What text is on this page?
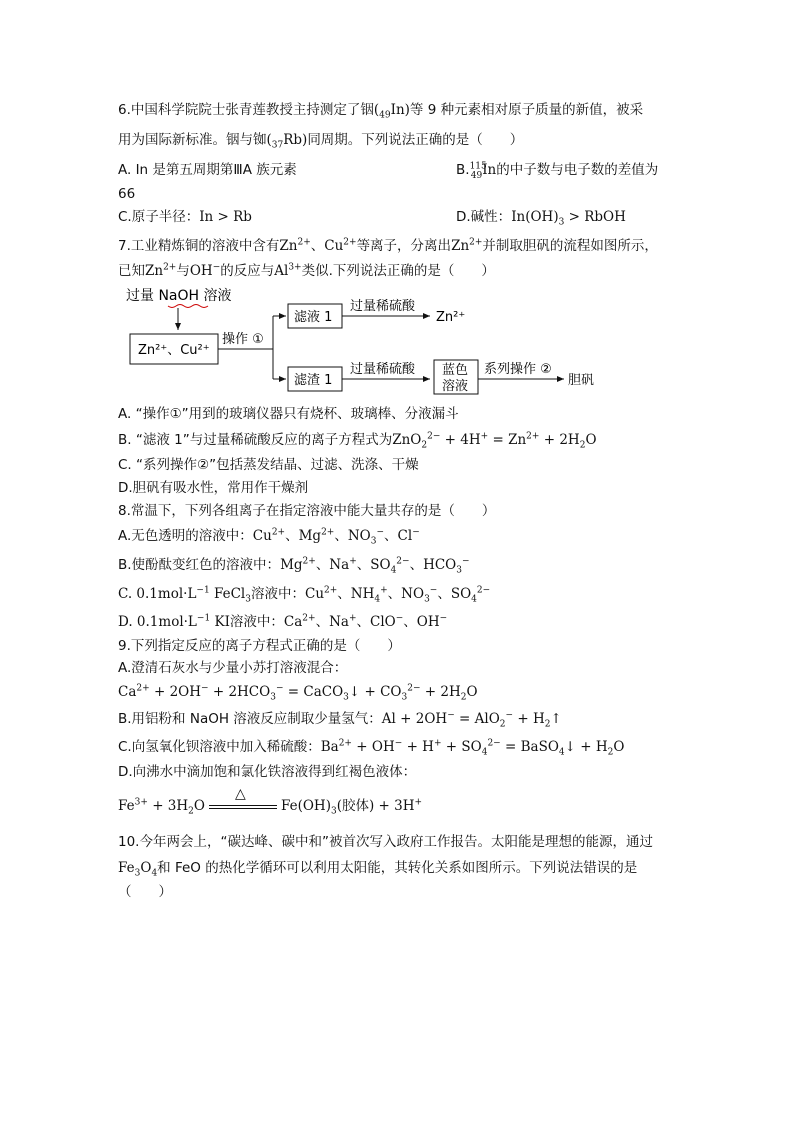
6.中国科学院院士张青莲教授主持测定了铟$(_{49}In)$等 9 种元素相对原子质量的新值，被采
用为国际新标准。铟与铷$(_{37}Rb)$同周期。下列说法正确的是（　　）
A. In 是第五周期第ⅢA 族元素	B.$^{115}_{49}$In的中子数与电子数的差值为
66
C.原子半径：In > Rb	D.碱性：$In(OH)_3$ > RbOH
7.工业精炼铜的溶液中含有$Zn^{2+}$、$Cu^{2+}$等离子，分离出$Zn^{2+}$并制取胆矾的流程如图所示，
已知$Zn^{2+}$与OH−的反应与$Al^{3+}$类似.下列说法正确的是（　　）
过量 NaOH 溶液
Zn²⁺、Cu²⁺
操作 ①
滤液 1
滤渣 1
过量稀硫酸
Zn²⁺
过量稀硫酸 蓝色
溶液
系列操作 ②
胆矾
A. “操作①”用到的玻璃仪器只有烧杯、玻璃棒、分液漏斗
B. “滤液 1”与过量稀硫酸反应的离子方程式为$ZnO_2^{2-} + 4H^+ = Zn^{2+} + 2H_2O$
C. “系列操作②”包括蒸发结晶、过滤、洗涤、干燥
D.胆矾有吸水性，常用作干燥剂
8.常温下，下列各组离子在指定溶液中能大量共存的是（　　）
A.无色透明的溶液中：$Cu^{2+}$、$Mg^{2+}$、$NO_3^-$、Cl−
B.使酚酞变红色的溶液中：$Mg^{2+}$、Na+、$SO_4^{2-}$、$HCO_3^-$
C. $0.1mol\cdot L^{-1}$ FeCl$_3$溶液中：$Cu^{2+}$、$NH_4^+$、$NO_3^-$、$SO_4^{2-}$
D. $0.1mol\cdot L^{-1}$ KI溶液中：$Ca^{2+}$、Na+、ClO−、OH−
9.下列指定反应的离子方程式正确的是（　　）
A.澄清石灰水与少量小苏打溶液混合：
$Ca^{2+} + 2OH^- + 2HCO_3^-$ = CaCO$_3$↓ + $CO_3^{2-} + 2H_2O$
B.用铝粉和 NaOH 溶液反应制取少量氢气：$Al + 2OH^- = AlO_2^- + H_2↑$
C.向氢氧化钡溶液中加入稀硫酸：$Ba^{2+} + OH^- + H^+ + SO_4^{2-}$ = BaSO$_4$↓ + $H_2O$
D.向沸水中滴加饱和氯化铁溶液得到红褐色液体：
$Fe^{3+} + 3H_2O$
△
$Fe(OH)_3$(胶体) + 3H+
10.今年两会上，“碳达峰、碳中和”被首次写入政府工作报告。太阳能是理想的能源，通过
$Fe_3O_4$和 FeO 的热化学循环可以利用太阳能，其转化关系如图所示。下列说法错误的是
（　　）
